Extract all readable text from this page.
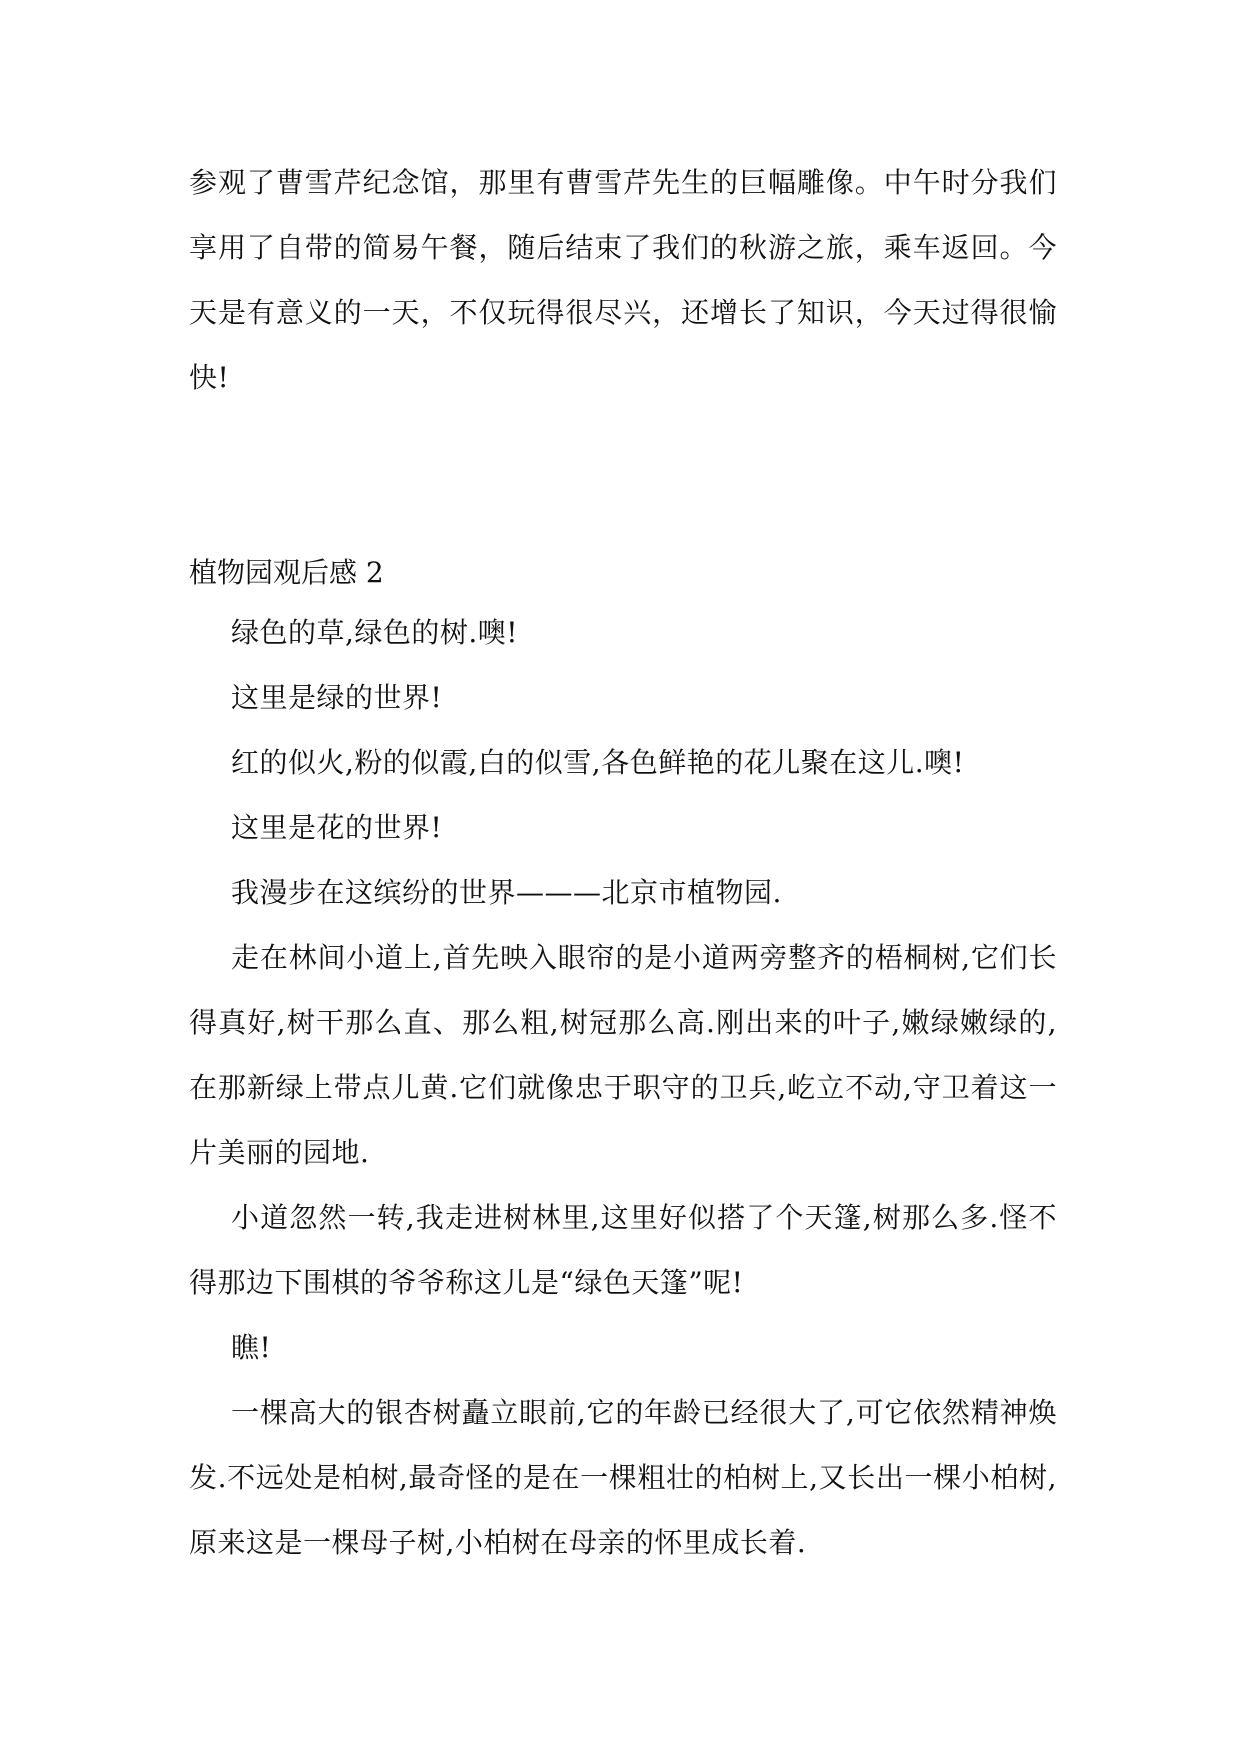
参观了曹雪芹纪念馆，那里有曹雪芹先生的巨幅雕像。中午时分我们享用了自带的简易午餐，随后结束了我们的秋游之旅，乘车返回。今天是有意义的一天，不仅玩得很尽兴，还增长了知识，今天过得很愉快!

植物园观后感 2

绿色的草,绿色的树.噢!

这里是绿的世界!

红的似火,粉的似霞,白的似雪,各色鲜艳的花儿聚在这儿.噢!

这里是花的世界!

我漫步在这缤纷的世界———北京市植物园.

走在林间小道上,首先映入眼帘的是小道两旁整齐的梧桐树,它们长得真好,树干那么直、那么粗,树冠那么高.刚出来的叶子,嫩绿嫩绿的,在那新绿上带点儿黄.它们就像忠于职守的卫兵,屹立不动,守卫着这一片美丽的园地.

小道忽然一转,我走进树林里,这里好似搭了个天篷,树那么多.怪不得那边下围棋的爷爷称这儿是“绿色天篷”呢!

瞧!

一棵高大的银杏树矗立眼前,它的年龄已经很大了,可它依然精神焕发.不远处是柏树,最奇怪的是在一棵粗壮的柏树上,又长出一棵小柏树,原来这是一棵母子树,小柏树在母亲的怀里成长着.
